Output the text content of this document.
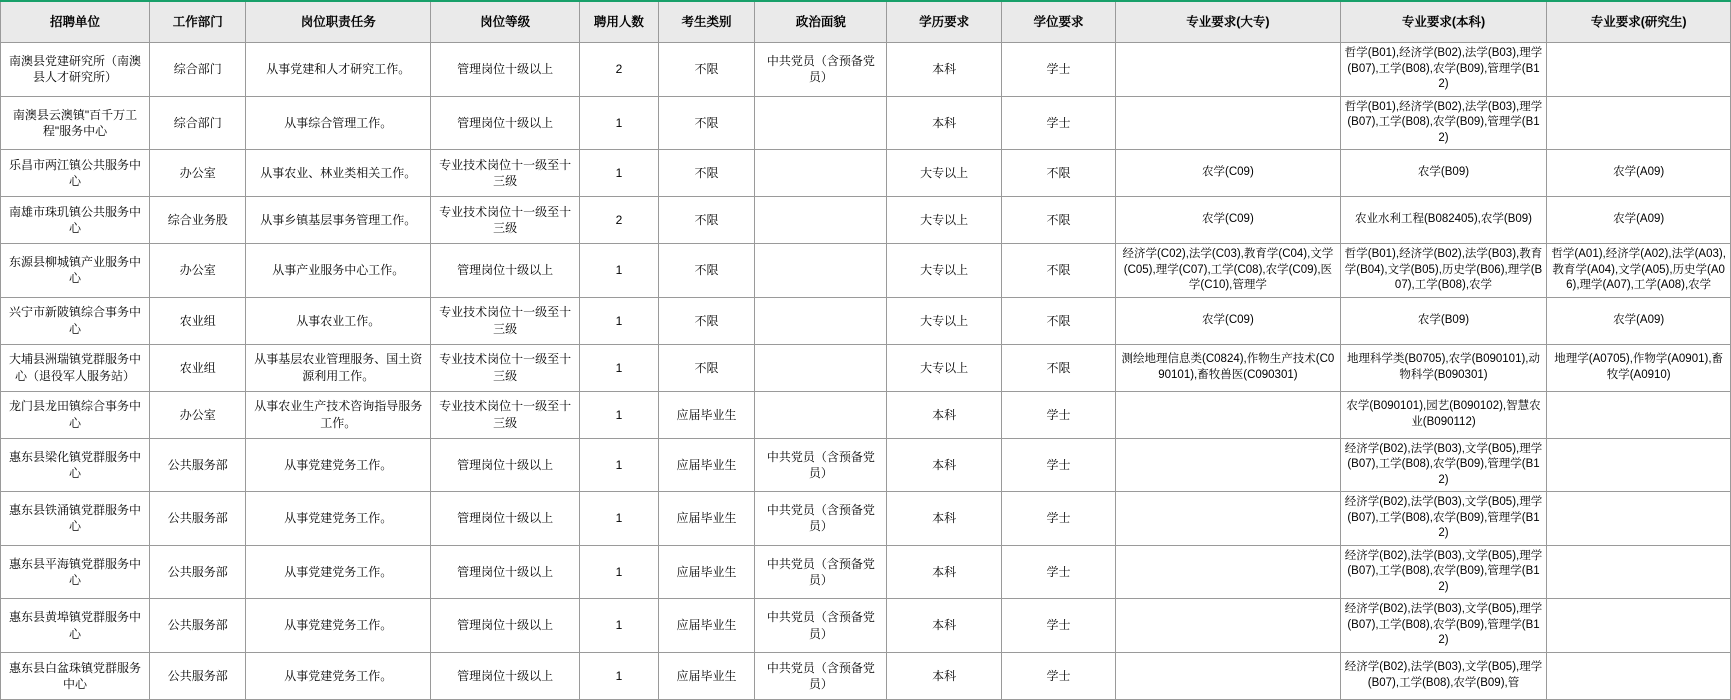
招聘单位	工作部门	岗位职责任务	岗位等级	聘用人数	考生类别	政治面貌	学历要求	学位要求	专业要求(大专)	专业要求(本科)	专业要求(研究生)
南澳县党建研究所（南澳县人才研究所）	综合部门	从事党建和人才研究工作。	管理岗位十级以上	2	不限	中共党员（含预备党员）	本科	学士		哲学(B01),经济学(B02),法学(B03),理学(B07),工学(B08),农学(B09),管理学(B12)	
南澳县云澳镇"百千万工程"服务中心	综合部门	从事综合管理工作。	管理岗位十级以上	1	不限		本科	学士		哲学(B01),经济学(B02),法学(B03),理学(B07),工学(B08),农学(B09),管理学(B12)	
乐昌市两江镇公共服务中心	办公室	从事农业、林业类相关工作。	专业技术岗位十一级至十三级	1	不限		大专以上	不限	农学(C09)	农学(B09)	农学(A09)
南雄市珠玑镇公共服务中心	综合业务股	从事乡镇基层事务管理工作。	专业技术岗位十一级至十三级	2	不限		大专以上	不限	农学(C09)	农业水利工程(B082405),农学(B09)	农学(A09)
东源县柳城镇产业服务中心	办公室	从事产业服务中心工作。	管理岗位十级以上	1	不限		大专以上	不限	经济学(C02),法学(C03),教育学(C04),文学(C05),理学(C07),工学(C08),农学(C09),医学(C10),管理学	哲学(B01),经济学(B02),法学(B03),教育学(B04),文学(B05),历史学(B06),理学(B07),工学(B08),农学	哲学(A01),经济学(A02),法学(A03),教育学(A04),文学(A05),历史学(A06),理学(A07),工学(A08),农学
兴宁市新陂镇综合事务中心	农业组	从事农业工作。	专业技术岗位十一级至十三级	1	不限		大专以上	不限	农学(C09)	农学(B09)	农学(A09)
大埔县洲瑞镇党群服务中心（退役军人服务站）	农业组	从事基层农业管理服务、国土资源利用工作。	专业技术岗位十一级至十三级	1	不限		大专以上	不限	测绘地理信息类(C0824),作物生产技术(C090101),畜牧兽医(C090301)	地理科学类(B0705),农学(B090101),动物科学(B090301)	地理学(A0705),作物学(A0901),畜牧学(A0910)
龙门县龙田镇综合事务中心	办公室	从事农业生产技术咨询指导服务工作。	专业技术岗位十一级至十三级	1	应届毕业生		本科	学士		农学(B090101),园艺(B090102),智慧农业(B090112)	
惠东县梁化镇党群服务中心	公共服务部	从事党建党务工作。	管理岗位十级以上	1	应届毕业生	中共党员（含预备党员）	本科	学士		经济学(B02),法学(B03),文学(B05),理学(B07),工学(B08),农学(B09),管理学(B12)	
惠东县铁涌镇党群服务中心	公共服务部	从事党建党务工作。	管理岗位十级以上	1	应届毕业生	中共党员（含预备党员）	本科	学士		经济学(B02),法学(B03),文学(B05),理学(B07),工学(B08),农学(B09),管理学(B12)	
惠东县平海镇党群服务中心	公共服务部	从事党建党务工作。	管理岗位十级以上	1	应届毕业生	中共党员（含预备党员）	本科	学士		经济学(B02),法学(B03),文学(B05),理学(B07),工学(B08),农学(B09),管理学(B12)	
惠东县黄埠镇党群服务中心	公共服务部	从事党建党务工作。	管理岗位十级以上	1	应届毕业生	中共党员（含预备党员）	本科	学士		经济学(B02),法学(B03),文学(B05),理学(B07),工学(B08),农学(B09),管理学(B12)	
惠东县白盆珠镇党群服务中心	公共服务部	从事党建党务工作。	管理岗位十级以上	1	应届毕业生	中共党员（含预备党员）	本科	学士		经济学(B02),法学(B03),文学(B05),理学(B07),工学(B08),农学(B09),管	
